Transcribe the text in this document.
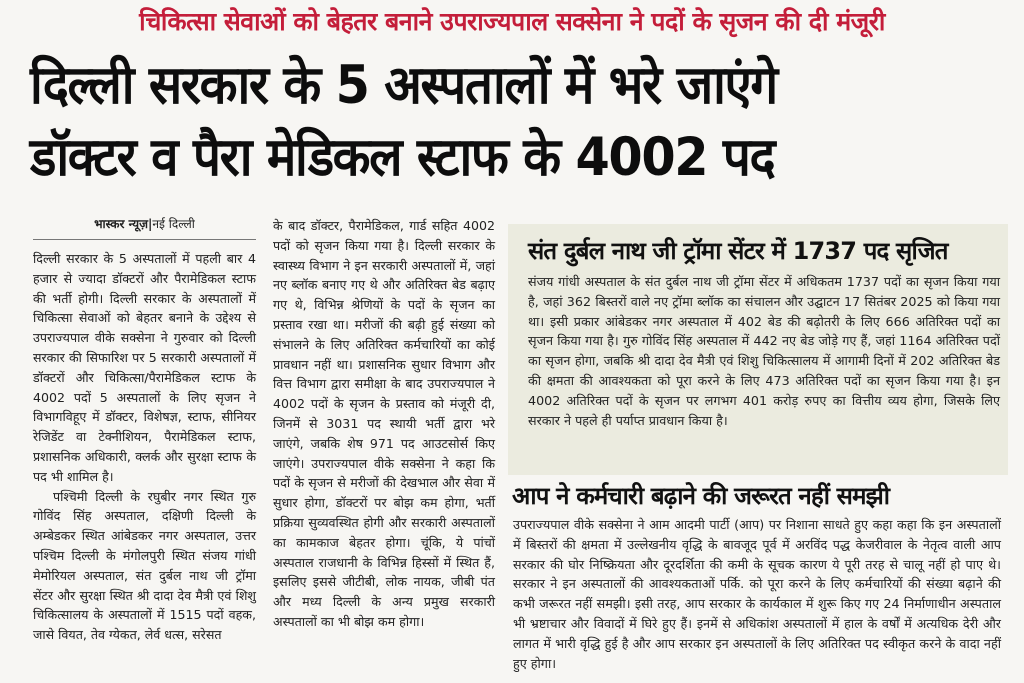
चिकित्सा सेवाओं को बेहतर बनाने उपराज्यपाल सक्सेना ने पदों के सृजन की दी मंजूरी
दिल्ली सरकार के 5 अस्पतालों में भरे जाएंगे
डॉक्टर व पैरा मेडिकल स्टाफ के 4002 पद
भास्कर न्यूज़|नई दिल्ली

दिल्ली सरकार के 5 अस्पतालों में पहली बार 4 हजार से ज्यादा डॉक्टरों और पैरामेडिकल स्टाफ की भर्ती होगी। दिल्ली सरकार के अस्पतालों में चिकित्सा सेवाओं को बेहतर बनाने के उद्देश्य से उपराज्यपाल वीके सक्सेना ने गुरुवार को दिल्ली सरकार की सिफारिश पर 5 सरकारी अस्पतालों में डॉक्टरों और चिकित्सा/पैरामेडिकल स्टाफ के 4002 पदों 5 अस्पतालों के लिए सृजन ने विभागविहूए में डॉक्टर, विशेषज्ञ, स्टाफ, सीनियर रेजिडेंट वा टेक्नीशियन, पैरामेडिकल स्टाफ, प्रशासनिक अधिकारी, क्लर्क और सुरक्षा स्टाफ के पद भी शामिल है।

पश्चिमी दिल्ली के रघुबीर नगर स्थित गुरु गोविंद सिंह अस्पताल, दक्षिणी दिल्ली के अम्बेडकर स्थित आंबेडकर नगर अस्पताल, उत्तर पश्चिम दिल्ली के मंगोलपुरी स्थित संजय गांधी मेमोरियल अस्पताल, संत दुर्बल नाथ जी ट्रॉमा सेंटर और सुरक्षा स्थित श्री दादा देव मैत्री एवं शिशु चिकित्सालय के अस्पतालों में 1515 पदों वहक, जासे वियत, तेव ग्येकत, लेर्व धत्स, सरेसत

के बाद डॉक्टर, पैरामेडिकल, गार्ड सहित 4002 पदों को सृजन किया गया है। दिल्ली सरकार के स्वास्थ्य विभाग ने इन सरकारी अस्पतालों में, जहां नए ब्लॉक बनाए गए थे और अतिरिक्त बेड बढ़ाए गए थे, विभिन्न श्रेणियों के पदों के सृजन का प्रस्ताव रखा था। मरीजों की बढ़ी हुई संख्या को संभालने के लिए अतिरिक्त कर्मचारियों का कोई प्रावधान नहीं था। प्रशासनिक सुधार विभाग और वित्त विभाग द्वारा समीक्षा के बाद उपराज्यपाल ने 4002 पदों के सृजन के प्रस्ताव को मंजूरी दी, जिनमें से 3031 पद स्थायी भर्ती द्वारा भरे जाएंगे, जबकि शेष 971 पद आउटसोर्स किए जाएंगे। उपराज्यपाल वीके सक्सेना ने कहा कि पदों के सृजन से मरीजों की देखभाल और सेवा में सुधार होगा, डॉक्टरों पर बोझ कम होगा, भर्ती प्रक्रिया सुव्यवस्थित होगी और सरकारी अस्पतालों का कामकाज बेहतर होगा। चूंकि, ये पांचों अस्पताल राजधानी के विभिन्न हिस्सों में स्थित हैं, इसलिए इससे जीटीबी, लोक नायक, जीबी पंत और मध्य दिल्ली के अन्य प्रमुख सरकारी अस्पतालों का भी बोझ कम होगा।

संत दुर्बल नाथ जी ट्रॉमा सेंटर में 1737 पद सृजित

संजय गांधी अस्पताल के संत दुर्बल नाथ जी ट्रॉमा सेंटर में अधिकतम 1737 पदों का सृजन किया गया है, जहां 362 बिस्तरों वाले नए ट्रॉमा ब्लॉक का संचालन और उद्घाटन 17 सितंबर 2025 को किया गया था। इसी प्रकार आंबेडकर नगर अस्पताल में 402 बेड की बढ़ोतरी के लिए 666 अतिरिक्त पदों का सृजन किया गया है। गुरु गोविंद सिंह अस्पताल में 442 नए बेड जोड़े गए हैं, जहां 1164 अतिरिक्त पदों का सृजन होगा, जबकि श्री दादा देव मैत्री एवं शिशु चिकित्सालय में आगामी दिनों में 202 अतिरिक्त बेड की क्षमता की आवश्यकता को पूरा करने के लिए 473 अतिरिक्त पदों का सृजन किया गया है। इन 4002 अतिरिक्त पदों के सृजन पर लगभग 401 करोड़ रुपए का वित्तीय व्यय होगा, जिसके लिए सरकार ने पहले ही पर्याप्त प्रावधान किया है।

आप ने कर्मचारी बढ़ाने की जरूरत नहीं समझी

उपराज्यपाल वीके सक्सेना ने आम आदमी पार्टी (आप) पर निशाना साधते हुए कहा कहा कि इन अस्पतालों में बिस्तरों की क्षमता में उल्लेखनीय वृद्धि के बावजूद पूर्व में अरविंद पद्ध केजरीवाल के नेतृत्व वाली आप सरकार की घोर निष्क्रियता और दूरदर्शिता की कमी के सूचक कारण ये पूरी तरह से चालू नहीं हो पाए थे। सरकार ने इन अस्पतालों की आवश्यकताओं पर्कि. को पूरा करने के लिए कर्मचारियों की संख्या बढ़ाने की कभी जरूरत नहीं समझी। इसी तरह, आप सरकार के कार्यकाल में शुरू किए गए 24 निर्माणाधीन अस्पताल भी भ्रष्टाचार और विवादों में घिरे हुए हैं। इनमें से अधिकांश अस्पतालों में हाल के वर्षों में अत्यधिक देरी और लागत में भारी वृद्धि हुई है और आप सरकार इन अस्पतालों के लिए अतिरिक्त पद स्वीकृत करने के वादा नहीं हुए होगा।
